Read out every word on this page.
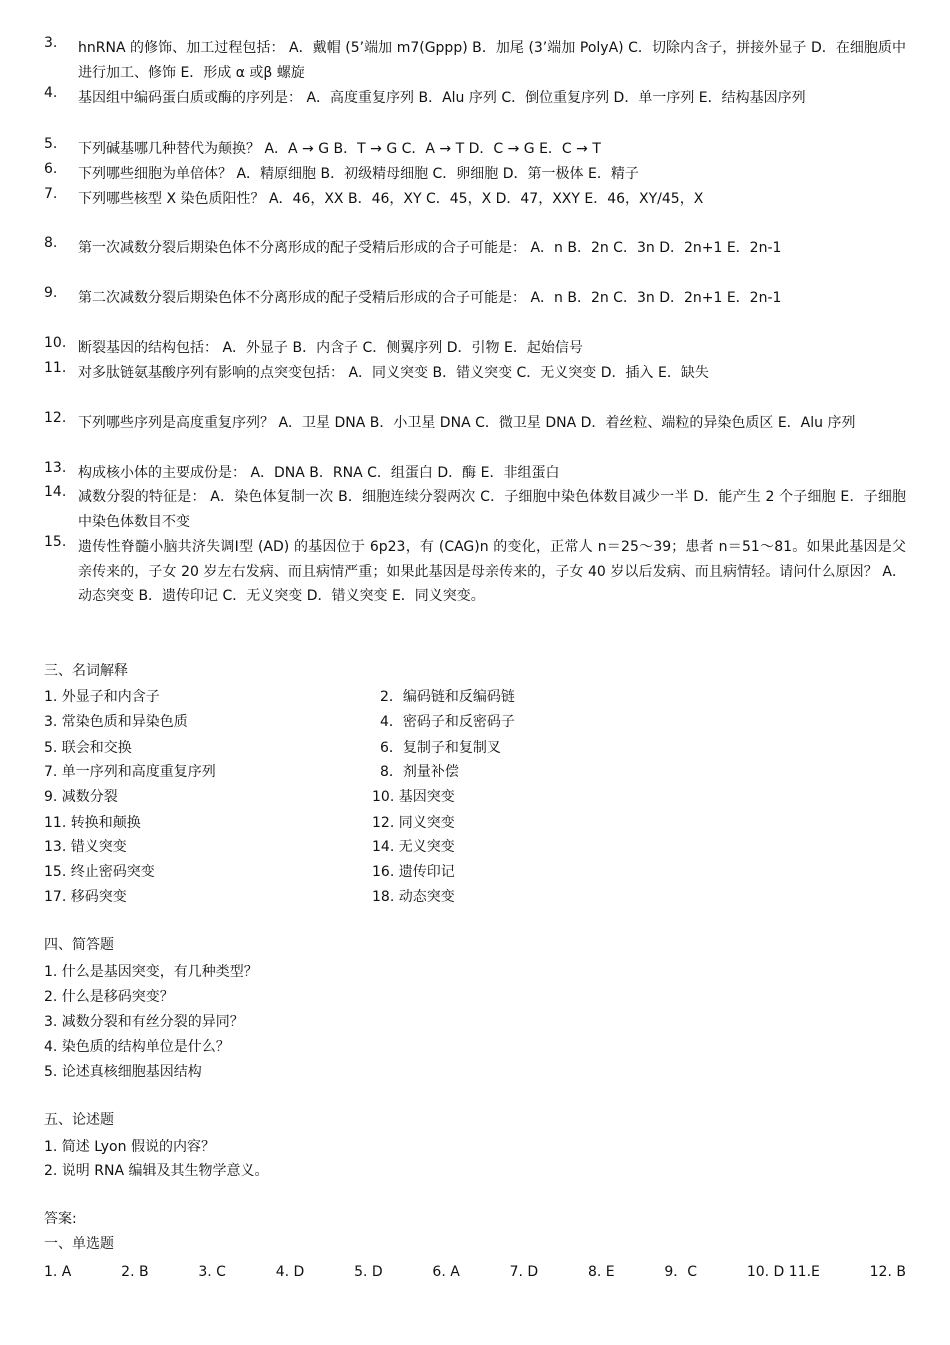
3.	hnRNA 的修饰、加工过程包括： A．戴帽 (5’端加 m7(Gppp) B．加尾 (3’端加 PolyA) C．切除内含子，拼接外显子 D．在细胞质中进行加工、修饰 E．形成 α 或β 螺旋
4.	基因组中编码蛋白质或酶的序列是： A．高度重复序列 B．Alu 序列 C．倒位重复序列 D．单一序列 E．结构基因序列
5.	下列碱基哪几种替代为颠换？ A．A → G B．T → G C．A → T D．C → G E．C → T
6.	下列哪些细胞为单倍体？ A．精原细胞 B．初级精母细胞 C．卵细胞 D．第一极体 E．精子
7.	下列哪些核型 X 染色质阳性？ A．46，XX B．46，XY C．45，X D．47，XXY E．46，XY/45，X
8.	第一次减数分裂后期染色体不分离形成的配子受精后形成的合子可能是： A．n B．2n C．3n D．2n+1 E．2n-1
9.	第二次减数分裂后期染色体不分离形成的配子受精后形成的合子可能是： A．n B．2n C．3n D．2n+1 E．2n-1
10. 断裂基因的结构包括： A．外显子 B．内含子 C．侧翼序列 D．引物 E．起始信号
11. 对多肽链氨基酸序列有影响的点突变包括： A．同义突变 B．错义突变 C．无义突变 D．插入 E．缺失
12. 下列哪些序列是高度重复序列？ A．卫星 DNA B．小卫星 DNA C．微卫星 DNA D．着丝粒、端粒的异染色质区 E．Alu 序列
13. 构成核小体的主要成份是： A．DNA B．RNA C．组蛋白 D．酶 E．非组蛋白
14. 减数分裂的特征是： A．染色体复制一次 B．细胞连续分裂两次 C．子细胞中染色体数目减少一半 D．能产生 2 个子细胞 E．子细胞中染色体数目不变
15. 遗传性脊髓小脑共济失调Ⅰ型 (AD) 的基因位于 6p23，有 (CAG)n 的变化，正常人 n＝25～39；患者 n＝51～81。如果此基因是父亲传来的，子女 20 岁左右发病、而且病情严重；如果此基因是母亲传来的，子女 40 岁以后发病、而且病情轻。请问什么原因？ A．动态突变 B．遗传印记 C．无义突变 D．错义突变 E．同义突变。
三、名词解释
1. 外显子和内含子	2．编码链和反编码链
3. 常染色质和异染色质	4．密码子和反密码子
5. 联会和交换	6．复制子和复制叉
7. 单一序列和高度重复序列	8．剂量补偿
9. 减数分裂	10. 基因突变
11. 转换和颠换	12. 同义突变
13. 错义突变	14. 无义突变
15. 终止密码突变	16. 遗传印记
17. 移码突变	18. 动态突变
四、简答题
1. 什么是基因突变，有几种类型？
2. 什么是移码突变？
3. 减数分裂和有丝分裂的异同？
4. 染色质的结构单位是什么？
5. 论述真核细胞基因结构
五、论述题
1. 简述 Lyon 假说的内容？
2. 说明 RNA 编辑及其生物学意义。
答案:
一、单选题
1. A	2. B	3. C	4. D	5. D	6. A	7. D	8. E	9．C	10. D 11.E	12. B
